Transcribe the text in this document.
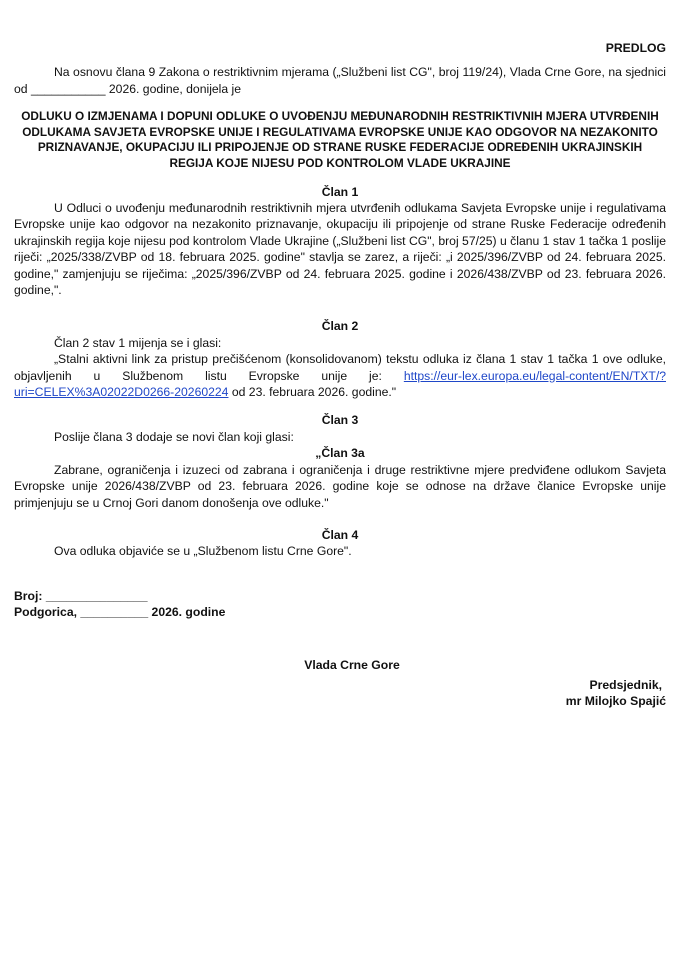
PREDLOG

Na osnovu člana 9 Zakona o restriktivnim mjerama („Službeni list CG", broj 119/24), Vlada Crne Gore, na sjednici od ___________ 2026. godine, donijela je

ODLUKU O IZMJENAMA I DOPUNI ODLUKE O UVOĐENJU MEĐUNARODNIH RESTRIKTIVNIH MJERA UTVRĐENIH ODLUKAMA SAVJETA EVROPSKE UNIJE I REGULATIVAMA EVROPSKE UNIJE KAO ODGOVOR NA NEZAKONITO PRIZNAVANJE, OKUPACIJU ILI PRIPOJENJE OD STRANE RUSKE FEDERACIJE ODREĐENIH UKRAJINSKIH REGIJA KOJE NIJESU POD KONTROLOM VLADE UKRAJINE
Član 1

U Odluci o uvođenju međunarodnih restriktivnih mjera utvrđenih odlukama Savjeta Evropske unije i regulativama Evropske unije kao odgovor na nezakonito priznavanje, okupaciju ili pripojenje od strane Ruske Federacije određenih ukrajinskih regija koje nijesu pod kontrolom Vlade Ukrajine („Službeni list CG", broj 57/25) u članu 1 stav 1 tačka 1 poslije riječi: „2025/338/ZVBP od 18. februara 2025. godine" stavlja se zarez, a riječi: „i 2025/396/ZVBP od 24. februara 2025. godine," zamjenjuju se riječima: „2025/396/ZVBP od 24. februara 2025. godine i 2026/438/ZVBP od 23. februara 2026. godine,".

Član 2

Član 2 stav 1 mijenja se i glasi:

„Stalni aktivni link za pristup prečišćenom (konsolidovanom) tekstu odluka iz člana 1 stav 1 tačka 1 ove odluke, objavljenih u Službenom listu Evropske unije je: https://eur-lex.europa.eu/legal-content/EN/TXT/?uri=CELEX%3A02022D0266-20260224 od 23. februara 2026. godine."

Član 3

Poslije člana 3 dodaje se novi član koji glasi:

„Član 3a

Zabrane, ograničenja i izuzeci od zabrana i ograničenja i druge restriktivne mjere predviđene odlukom Savjeta Evropske unije 2026/438/ZVBP od 23. februara 2026. godine koje se odnose na države članice Evropske unije primjenjuju se u Crnoj Gori danom donošenja ove odluke."

Član 4

Ova odluka objaviće se u „Službenom listu Crne Gore".

Broj: _______________
Podgorica, __________ 2026. godine
Vlada Crne Gore
Predsjednik,
mr Milojko Spajić
